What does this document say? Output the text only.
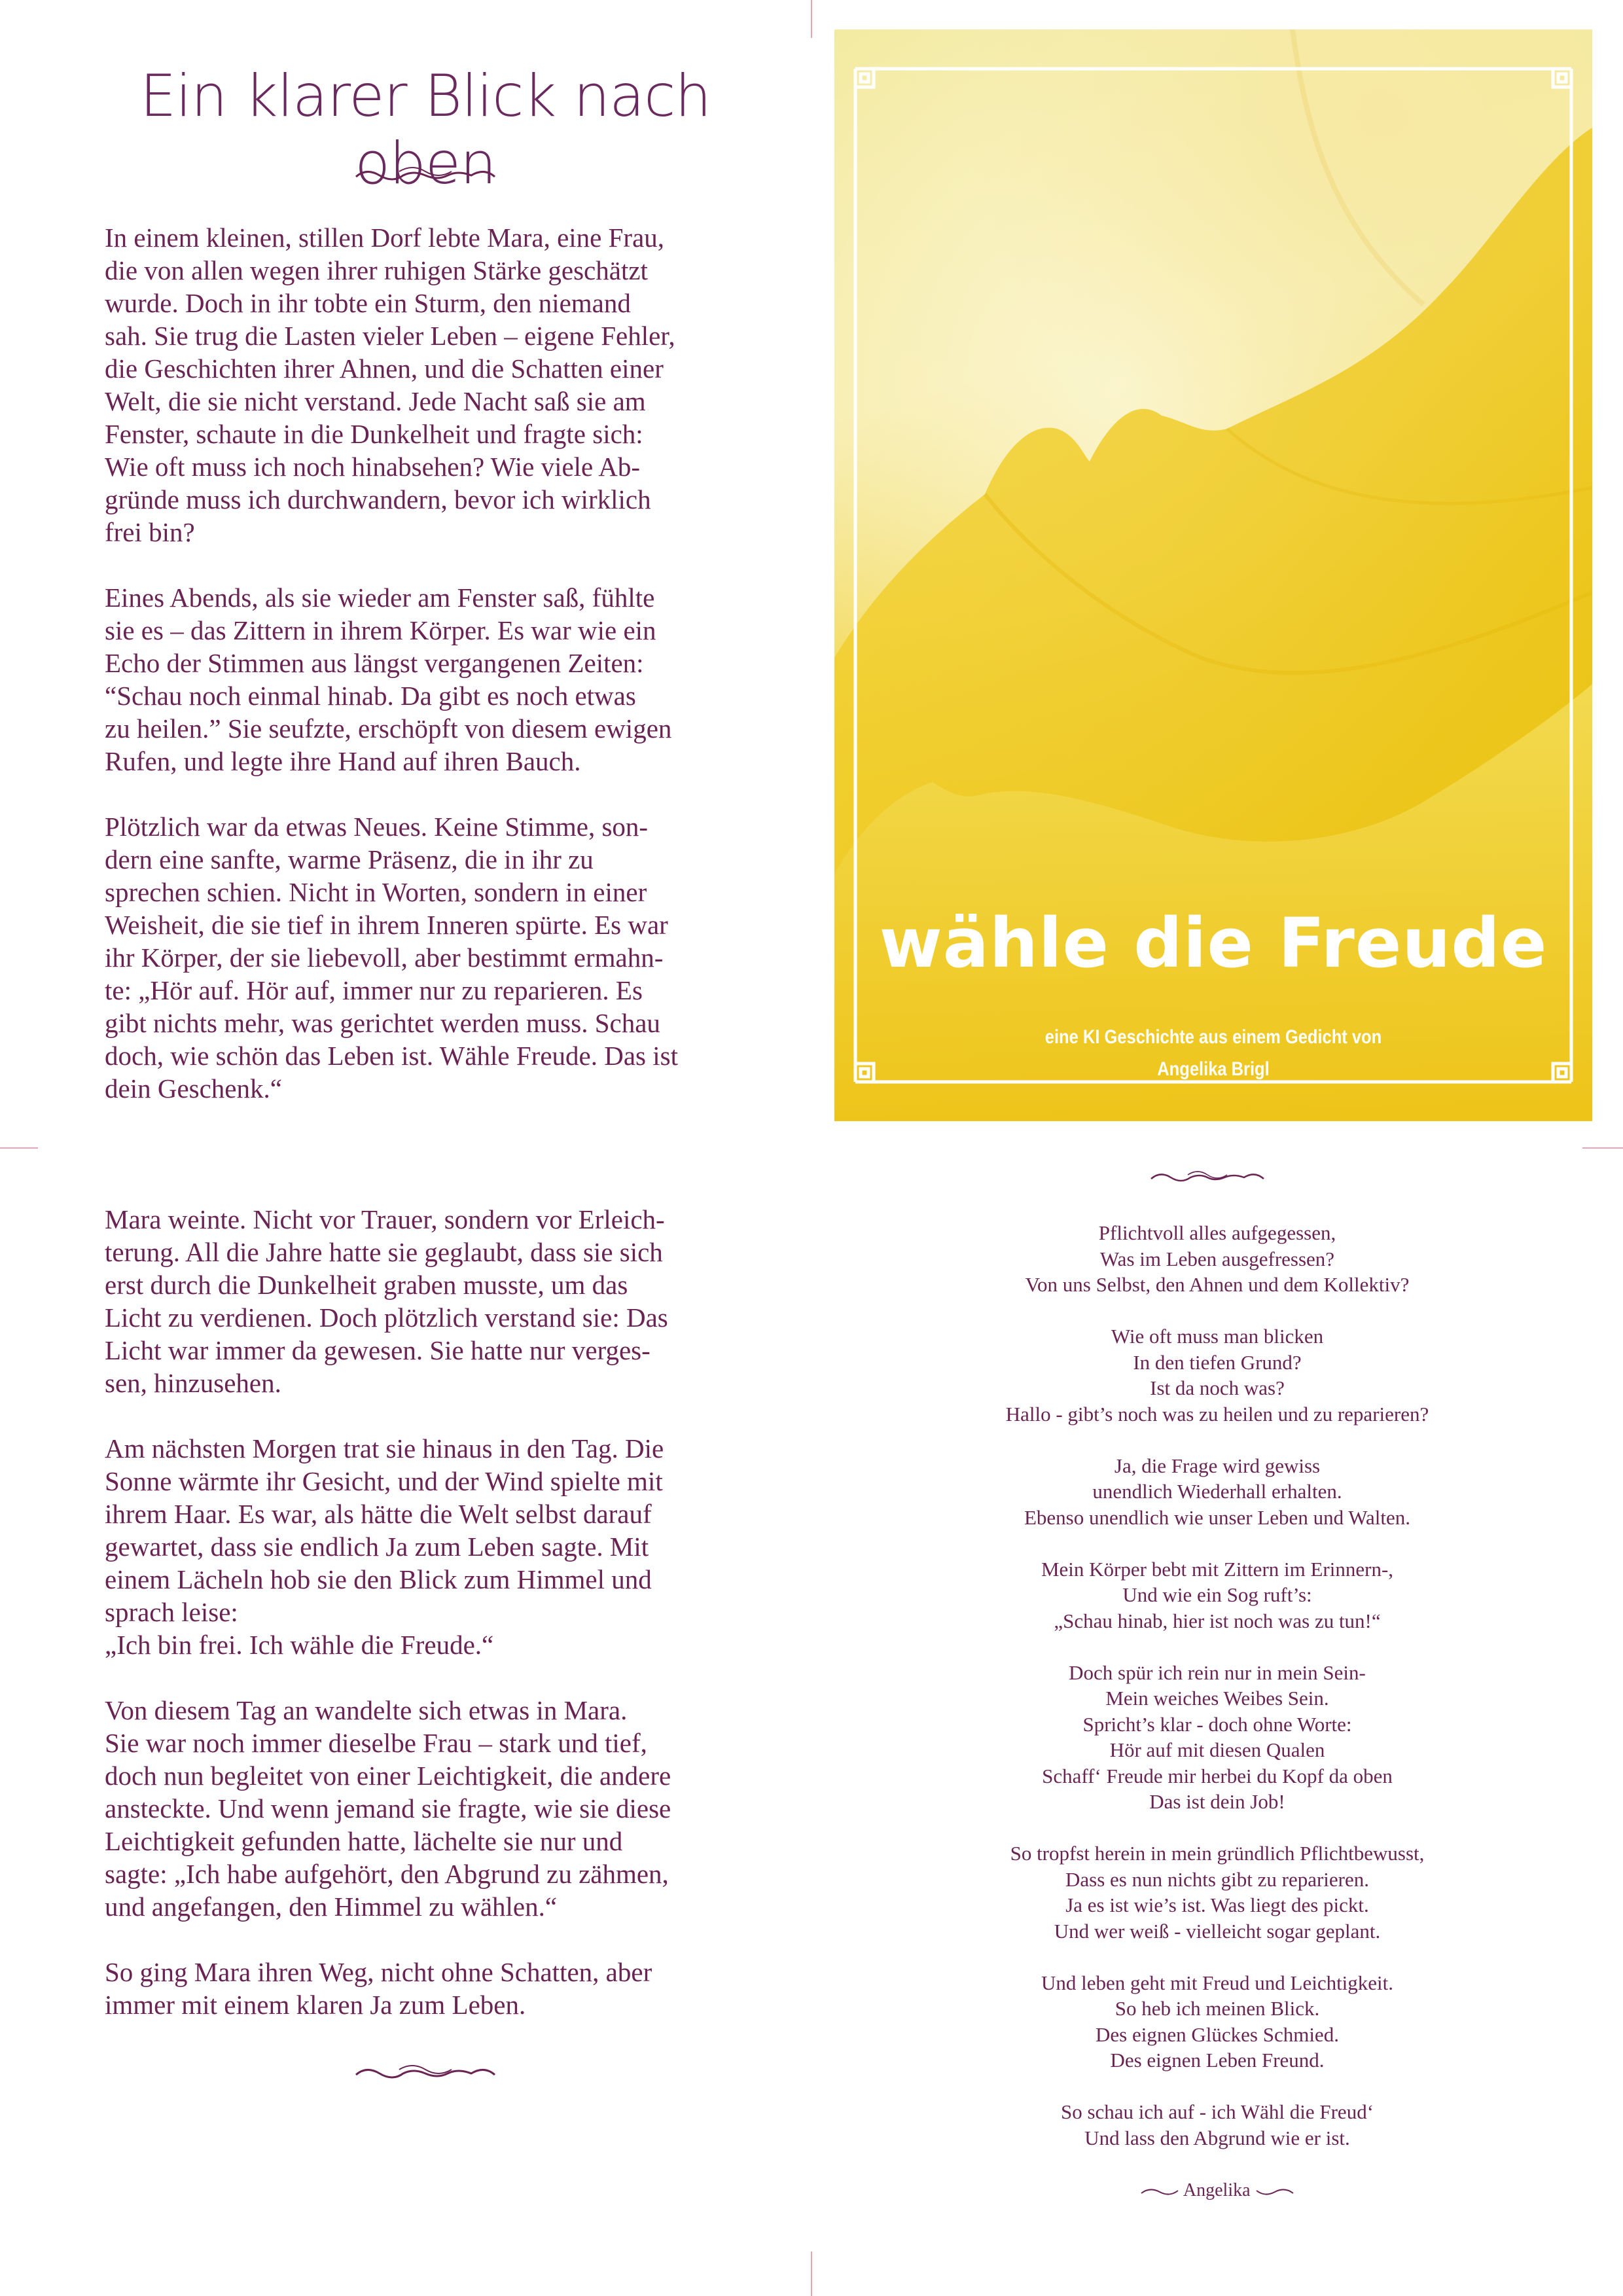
Ein klarer Blick nach oben

In einem kleinen, stillen Dorf lebte Mara, eine Frau,
die von allen wegen ihrer ruhigen Stärke geschätzt
wurde. Doch in ihr tobte ein Sturm, den niemand
sah. Sie trug die Lasten vieler Leben – eigene Fehler,
die Geschichten ihrer Ahnen, und die Schatten einer
Welt, die sie nicht verstand. Jede Nacht saß sie am
Fenster, schaute in die Dunkelheit und fragte sich:
Wie oft muss ich noch hinabsehen? Wie viele Ab-
gründe muss ich durchwandern, bevor ich wirklich
frei bin?

Eines Abends, als sie wieder am Fenster saß, fühlte
sie es – das Zittern in ihrem Körper. Es war wie ein
Echo der Stimmen aus längst vergangenen Zeiten:
“Schau noch einmal hinab. Da gibt es noch etwas
zu heilen.” Sie seufzte, erschöpft von diesem ewigen
Rufen, und legte ihre Hand auf ihren Bauch.

Plötzlich war da etwas Neues. Keine Stimme, son-
dern eine sanfte, warme Präsenz, die in ihr zu
sprechen schien. Nicht in Worten, sondern in einer
Weisheit, die sie tief in ihrem Inneren spürte. Es war
ihr Körper, der sie liebevoll, aber bestimmt ermahn-
te: „Hör auf. Hör auf, immer nur zu reparieren. Es
gibt nichts mehr, was gerichtet werden muss. Schau
doch, wie schön das Leben ist. Wähle Freude. Das ist
dein Geschenk.“

Mara weinte. Nicht vor Trauer, sondern vor Erleich-
terung. All die Jahre hatte sie geglaubt, dass sie sich
erst durch die Dunkelheit graben musste, um das
Licht zu verdienen. Doch plötzlich verstand sie: Das
Licht war immer da gewesen. Sie hatte nur verges-
sen, hinzusehen.

Am nächsten Morgen trat sie hinaus in den Tag. Die
Sonne wärmte ihr Gesicht, und der Wind spielte mit
ihrem Haar. Es war, als hätte die Welt selbst darauf
gewartet, dass sie endlich Ja zum Leben sagte. Mit
einem Lächeln hob sie den Blick zum Himmel und
sprach leise:
„Ich bin frei. Ich wähle die Freude.“

Von diesem Tag an wandelte sich etwas in Mara.
Sie war noch immer dieselbe Frau – stark und tief,
doch nun begleitet von einer Leichtigkeit, die andere
ansteckte. Und wenn jemand sie fragte, wie sie diese
Leichtigkeit gefunden hatte, lächelte sie nur und
sagte: „Ich habe aufgehört, den Abgrund zu zähmen,
und angefangen, den Himmel zu wählen.“

So ging Mara ihren Weg, nicht ohne Schatten, aber
immer mit einem klaren Ja zum Leben.

wähle die Freude
eine KI Geschichte aus einem Gedicht von
Angelika Brigl
Pflichtvoll alles aufgegessen,
Was im Leben ausgefressen?
Von uns Selbst, den Ahnen und dem Kollektiv?
Wie oft muss man blicken
In den tiefen Grund?
Ist da noch was?
Hallo - gibt’s noch was zu heilen und zu reparieren?
Ja, die Frage wird gewiss
unendlich Wiederhall erhalten.
Ebenso unendlich wie unser Leben und Walten.
Mein Körper bebt mit Zittern im Erinnern-,
Und wie ein Sog ruft’s:
„Schau hinab, hier ist noch was zu tun!“
Doch spür ich rein nur in mein Sein-
Mein weiches Weibes Sein.
Spricht’s klar - doch ohne Worte:
Hör auf mit diesen Qualen
Schaff‘ Freude mir herbei du Kopf da oben
Das ist dein Job!
So tropfst herein in mein gründlich Pflichtbewusst,
Dass es nun nichts gibt zu reparieren.
Ja es ist wie’s ist. Was liegt des pickt.
Und wer weiß - vielleicht sogar geplant.
Und leben geht mit Freud und Leichtigkeit.
So heb ich meinen Blick.
Des eignen Glückes Schmied.
Des eignen Leben Freund.
So schau ich auf - ich Wähl die Freud‘
Und lass den Abgrund wie er ist.
Angelika
